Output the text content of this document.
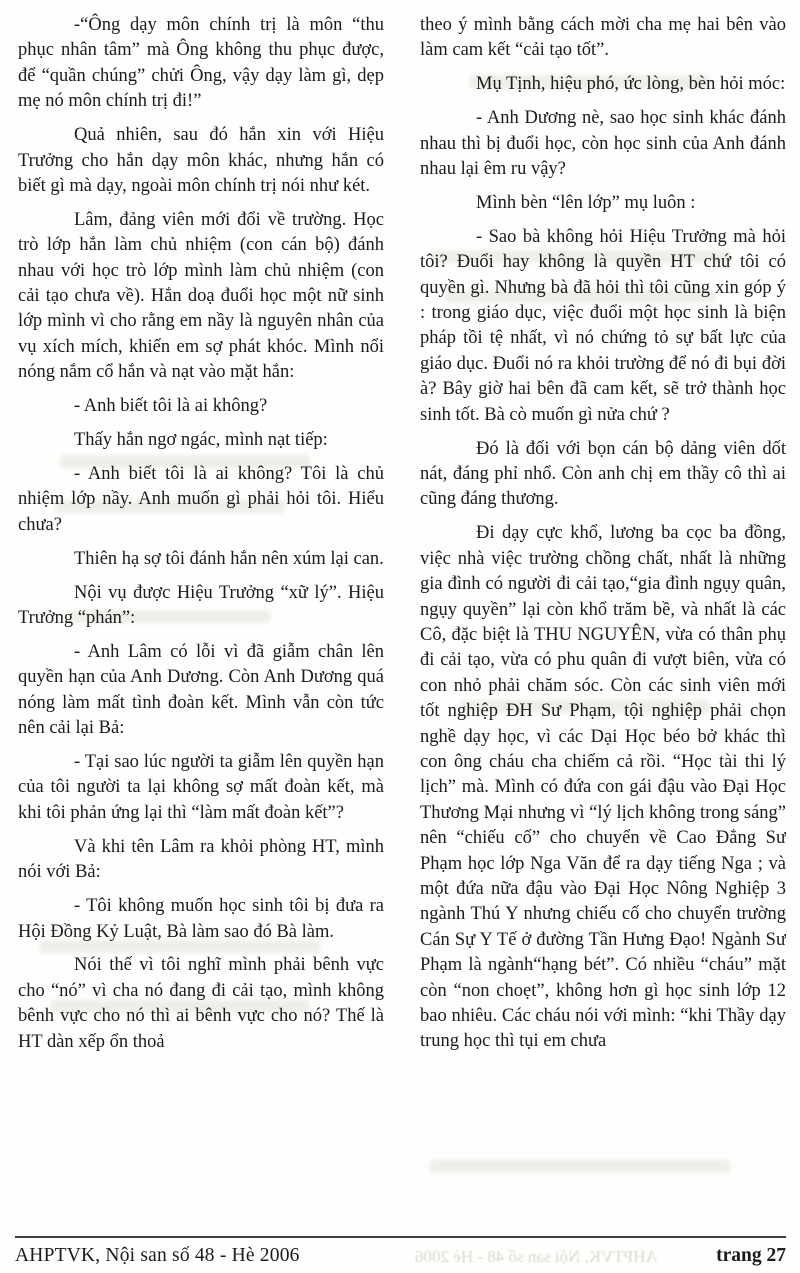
-“Ông dạy môn chính trị là môn “thu phục nhân tâm” mà Ông không thu phục được, để “quần chúng” chửi Ông, vậy dạy làm gì, dẹp mẹ nó môn chính trị đi!”

Quả nhiên, sau đó hắn xin với Hiệu Trưởng cho hắn dạy môn khác, nhưng hắn có biết gì mà dạy, ngoài môn chính trị nói như két.

Lâm, đảng viên mới đổi về trường. Học trò lớp hắn làm chủ nhiệm (con cán bộ) đánh nhau với học trò lớp mình làm chủ nhiệm (con cải tạo chưa về). Hắn doạ đuổi học một nữ sinh lớp mình vì cho rằng em nầy là nguyên nhân của vụ xích mích, khiến em sợ phát khóc. Mình nổi nóng nắm cổ hắn và nạt vào mặt hắn:

- Anh biết tôi là ai không?

Thấy hắn ngơ ngác, mình nạt tiếp:

- Anh biết tôi là ai không? Tôi là chủ nhiệm lớp nầy. Anh muốn gì phải hỏi tôi. Hiểu chưa?

Thiên hạ sợ tôi đánh hắn nên xúm lại can.

Nội vụ được Hiệu Trưởng “xữ lý”. Hiệu Trưởng “phán”:

- Anh Lâm có lỗi vì đã giẫm chân lên quyền hạn của Anh Dương. Còn Anh Dương quá nóng làm mất tình đoàn kết. Mình vẫn còn tức nên cải lại Bả:

- Tại sao lúc người ta giẫm lên quyền hạn của tôi người ta lại không sợ mất đoàn kết, mà khi tôi phản ứng lại thì “làm mất đoàn kết”?

Và khi tên Lâm ra khỏi phòng HT, mình nói với Bả:

- Tôi không muốn học sinh tôi bị đưa ra Hội Đồng Kỷ Luật, Bà làm sao đó Bà làm.

Nói thế vì tôi nghĩ mình phải bênh vực cho “nó” vì cha nó đang đi cải tạo, mình không bênh vực cho nó thì ai bênh vực cho nó? Thế là HT dàn xếp ổn thoả

theo ý mình bằng cách mời cha mẹ hai bên vào làm cam kết “cải tạo tốt”.

Mụ Tịnh, hiệu phó, ức lòng, bèn hỏi móc:

- Anh Dương nè, sao học sinh khác đánh nhau thì bị đuổi học, còn học sinh của Anh đánh nhau lại êm ru vậy?

Mình bèn “lên lớp” mụ luôn :

- Sao bà không hỏi Hiệu Trưởng mà hỏi tôi? Đuổi hay không là quyền HT chứ tôi có quyền gì. Nhưng bà đã hỏi thì tôi cũng xin góp ý : trong giáo dục, việc đuổi một học sinh là biện pháp tồi tệ nhất, vì nó chứng tỏ sự bất lực của giáo dục. Đuổi nó ra khỏi trường để nó đi bụi đời à? Bây giờ hai bên đã cam kết, sẽ trở thành học sinh tốt. Bà cò muốn gì nửa chứ ?

Đó là đối với bọn cán bộ dảng viên dốt nát, đáng phỉ nhổ. Còn anh chị em thầy cô thì ai cũng đáng thương.

Đi dạy cực khổ, lương ba cọc ba đồng, việc nhà việc trường chồng chất, nhất là những gia đình có người đi cải tạo,“gia đình ngụy quân, ngụy quyền” lại còn khổ trăm bề, và nhất là các Cô, đặc biệt là THU NGUYÊN, vừa có thân phụ đi cải tạo, vừa có phu quân đi vượt biên, vừa có con nhỏ phải chăm sóc. Còn các sinh viên mới tốt nghiệp ĐH Sư Phạm, tội nghiệp phải chọn nghề dạy học, vì các Dại Học béo bở khác thì con ông cháu cha chiếm cả rồi. “Học tài thi lý lịch” mà. Mình có đứa con gái đậu vào Đại Học Thương Mại nhưng vì “lý lịch không trong sáng” nên “chiếu cố” cho chuyển về Cao Đẳng Sư Phạm học lớp Nga Văn để ra dạy tiếng Nga ; và một đứa nữa đậu vào Đại Học Nông Nghiệp 3 ngành Thú Y nhưng chiếu cố cho chuyển trường Cán Sự Y Tế ở đường Tần Hưng Đạo! Ngành Sư Phạm là ngành“hạng bét”. Có nhiều “cháu” mặt còn “non choẹt”, không hơn gì học sinh lớp 12 bao nhiêu. Các cháu nói với mình: “khi Thầy dạy trung học thì tụi em chưa

AHPTVK, Nội san số 48 - Hè 2006	AHPTVK, Nội san số 48 - Hè 2006	trang 27
